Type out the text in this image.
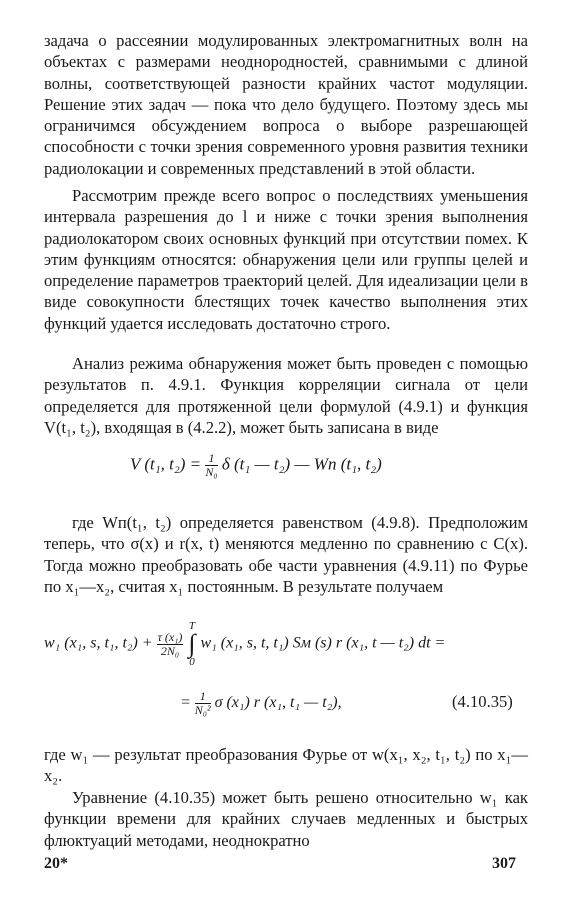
задача о рассеянии модулированных электромагнитных волн на объектах с размерами неоднородностей, сравнимыми с длиной волны, соответствующей разности крайних частот модуляции. Решение этих задач — пока что дело будущего. Поэтому здесь мы ограничимся обсуждением вопроса о выборе разрешающей способности с точки зрения современного уровня развития техники радиолокации и современных представлений в этой области.

Рассмотрим прежде всего вопрос о последствиях уменьшения интервала разрешения до l и ниже с точки зрения выполнения радиолокатором своих основных функций при отсутствии помех. К этим функциям относятся: обнаружения цели или группы целей и определение параметров траекторий целей. Для идеализации цели в виде совокупности блестящих точек качество выполнения этих функций удается исследовать достаточно строго.

Анализ режима обнаружения может быть проведен с помощью результатов п. 4.9.1. Функция корреляции сигнала от цели определяется для протяженной цели формулой (4.9.1) и функция V(t₁, t₂), входящая в (4.2.2), может быть записана в виде

V (t₁, $t_2) = \frac{1}{\text{N₀}}$ δ (t₁ — t₂) — Wп (t₁, t₂)

где Wп(t₁, t₂) определяется равенством (4.9.8). Предположим теперь, что σ(x) и r(x, t) меняются медленно по сравнению с C(x). Тогда можно преобразовать обе части уравнения (4.9.11) по Фурье по x₁—x₂, считая x₁ постоянным. В результате получаем

w₁ (x₁, s, t₁, $t_2) + \frac{\text{τ (x₁)}}{\text{2N₀}}$
T
∫
0 w₁ (x₁, s, t, t₁) Sм (s) r (x₁, t — t₂) dt =
= $\frac{1}{\text{N₀²}}$ σ (x₁) r (x₁, t₁ — t₂),	(4.10.35)

где w₁ — результат преобразования Фурье от w(x₁, x₂, t₁, t₂) по x₁—x₂.

Уравнение (4.10.35) может быть решено относительно w₁ как функции времени для крайних случаев медленных и быстрых флюктуаций методами, неоднократно

20*	307
